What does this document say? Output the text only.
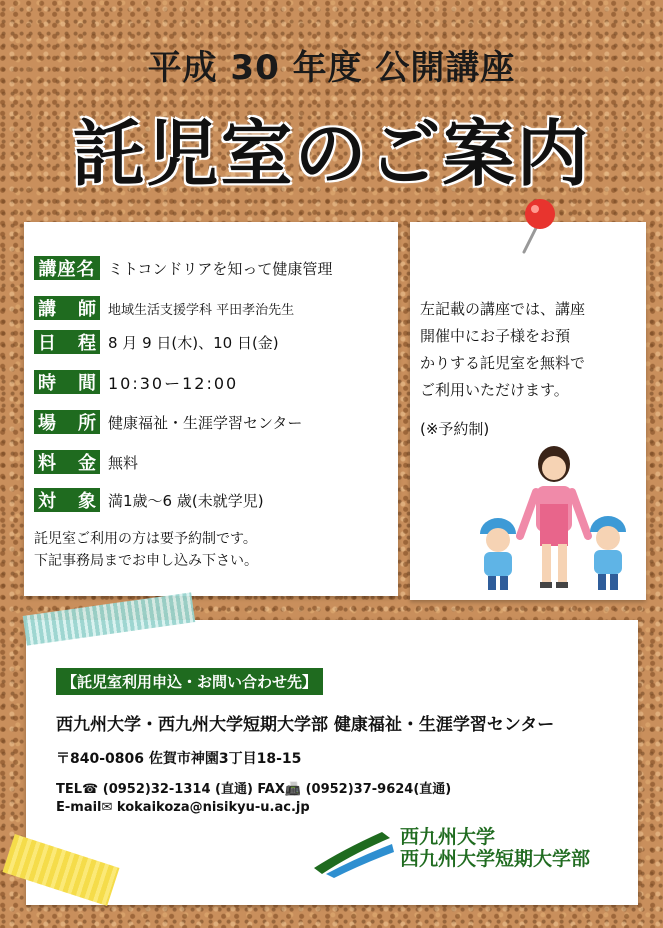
平成 30 年度 公開講座
託児室のご案内
講座名 ミトコンドリアを知って健康管理
講 師 地域生活支援学科 平田孝治先生
日 程 8 月 9 日(木)、10 日(金)
時 間 10:30ー12:00
場 所 健康福祉・生涯学習センター
料 金 無料
対 象 満1歳～6 歳(未就学児)
託児室ご利用の方は要予約制です。
下記事務局までお申し込み下さい。
左記載の講座では、講座
開催中にお子様をお預
かりする託児室を無料で
ご利用いただけます。
(※予約制)
【託児室利用申込・お問い合わせ先】
西九州大学・西九州大学短期大学部 健康福祉・生涯学習センター
〒840-0806 佐賀市神園3丁目18-15
TEL☎ (0952)32-1314 (直通) FAX📠 (0952)37-9624(直通)
E-mail✉ kokaikoza@nisikyu-u.ac.jp
西九州大学
西九州大学短期大学部
